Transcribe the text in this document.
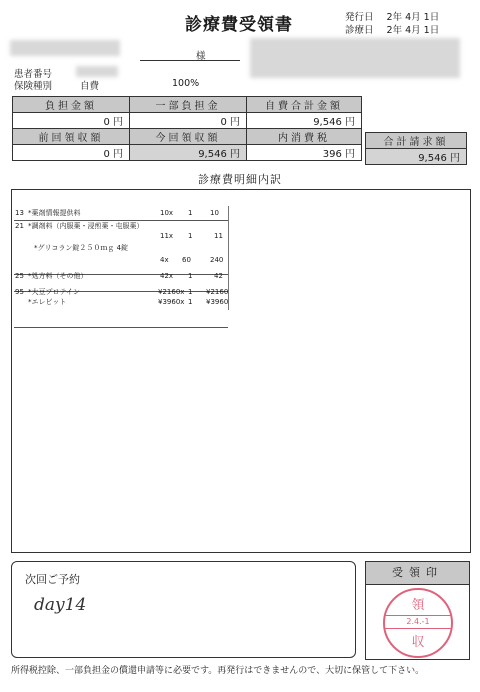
診療費受領書	発行日 2年 4月 1日
診療日 2年 4月 1日
様
患者番号
保険種別	自費	100%
負担金額	一部負担金	自費合計金額
0 円	0 円	9,546 円
前回領収額	今回領収額	内消費税
0 円	9,546 円	396 円
合計請求額
9,546 円
診療費明細内訳
13 *薬剤情報提供料	10x 1	10
21 *調剤料（内服薬・浸煎薬・屯服薬）
11x 1	11
*グリコラン錠２５０ｍｇ 4錠
4x 60	240
25 *処方料（その他）	42x 1	42
95 *大豆プロテイン	¥2160x 1 ¥2160
*エレビット	¥3960x 1 ¥3960
次回ご予約
day14
受領印
領
2.4.-1
収
所得税控除、一部負担金の償還申請等に必要です。再発行はできませんので、大切に保管して下さい。
